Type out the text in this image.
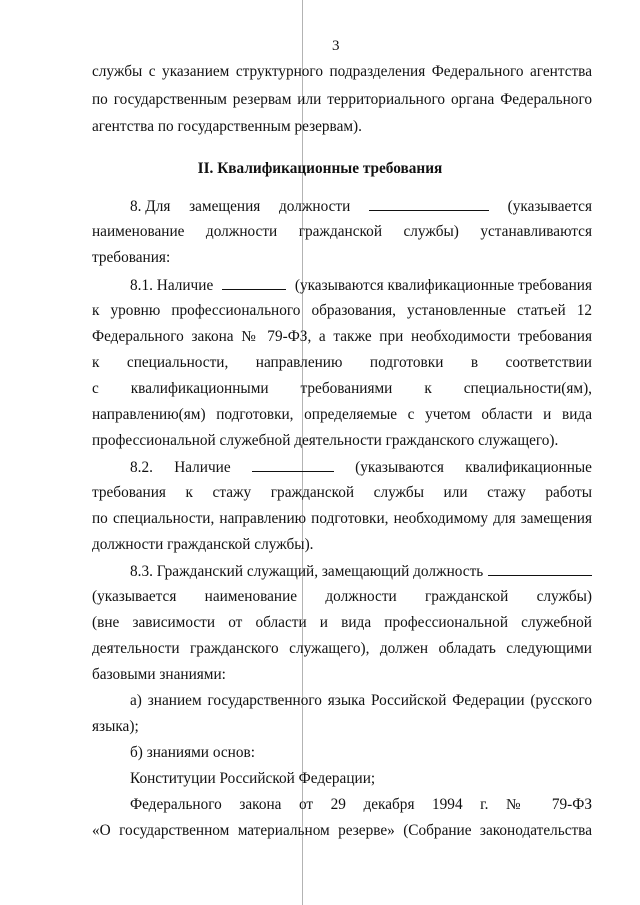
3
службы с указанием структурного подразделения Федерального агентства
по государственным резервам или территориального органа Федерального
агентства по государственным резервам).
II. Квалификационные требования
8. Для замещения должности	(указывается
наименование должности гражданской службы) устанавливаются
требования:
8.1. Наличие	(указываются квалификационные требования
к уровню профессионального образования, установленные статьей 12
Федерального закона № 79-ФЗ, а также при необходимости требования
к специальности, направлению подготовки в соответствии
с квалификационными требованиями к специальности(ям),
направлению(ям) подготовки, определяемые с учетом области и вида
профессиональной служебной деятельности гражданского служащего).
8.2. Наличие	(указываются квалификационные
требования к стажу гражданской службы или стажу работы
по специальности, направлению подготовки, необходимому для замещения
должности гражданской службы).
8.3. Гражданский служащий, замещающий должность
(указывается наименование должности гражданской службы)
(вне зависимости от области и вида профессиональной служебной
деятельности гражданского служащего), должен обладать следующими
базовыми знаниями:
а) знанием государственного языка Российской Федерации (русского
языка);
б) знаниями основ:
Конституции Российской Федерации;
Федерального закона от 29 декабря 1994 г. № 79-ФЗ
«О государственном материальном резерве» (Собрание законодательства
